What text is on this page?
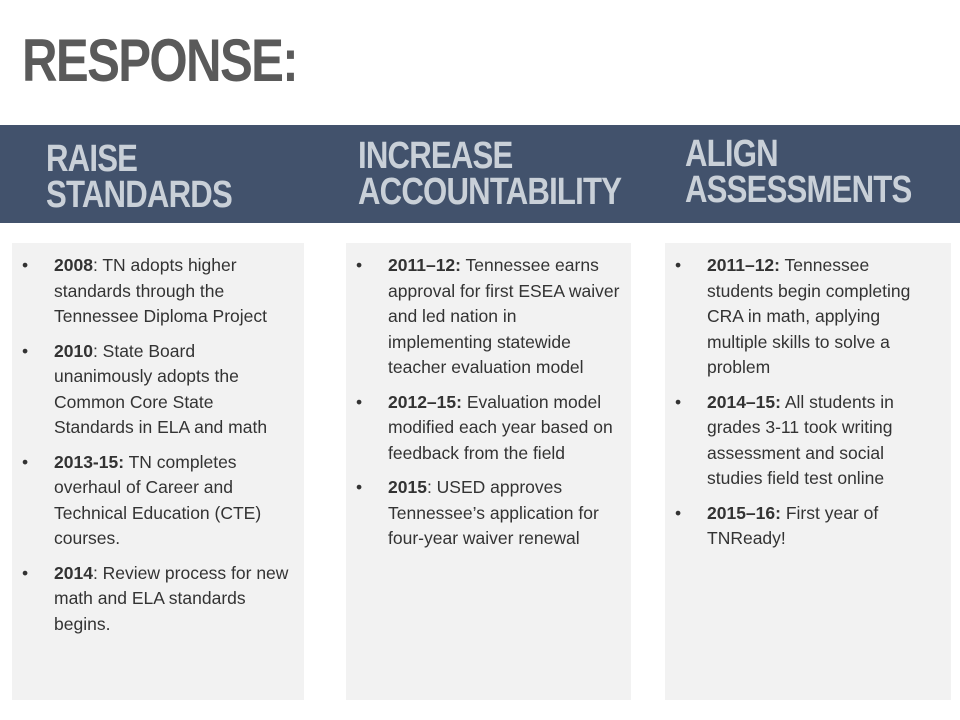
RESPONSE:
RAISE
STANDARDS
INCREASE
ACCOUNTABILITY
ALIGN
ASSESSMENTS
• 2008: TN adopts higher standards through the Tennessee Diploma Project
• 2010: State Board unanimously adopts the Common Core State Standards in ELA and math
• 2013-15: TN completes overhaul of Career and Technical Education (CTE) courses.
• 2014: Review process for new math and ELA standards begins.
• 2011–12: Tennessee earns approval for first ESEA waiver and led nation in implementing statewide teacher evaluation model
• 2012–15: Evaluation model modified each year based on feedback from the field
• 2015: USED approves Tennessee’s application for four-year waiver renewal
• 2011–12: Tennessee students begin completing CRA in math, applying multiple skills to solve a problem
• 2014–15: All students in grades 3-11 took writing assessment and social studies field test online
• 2015–16: First year of TNReady!
